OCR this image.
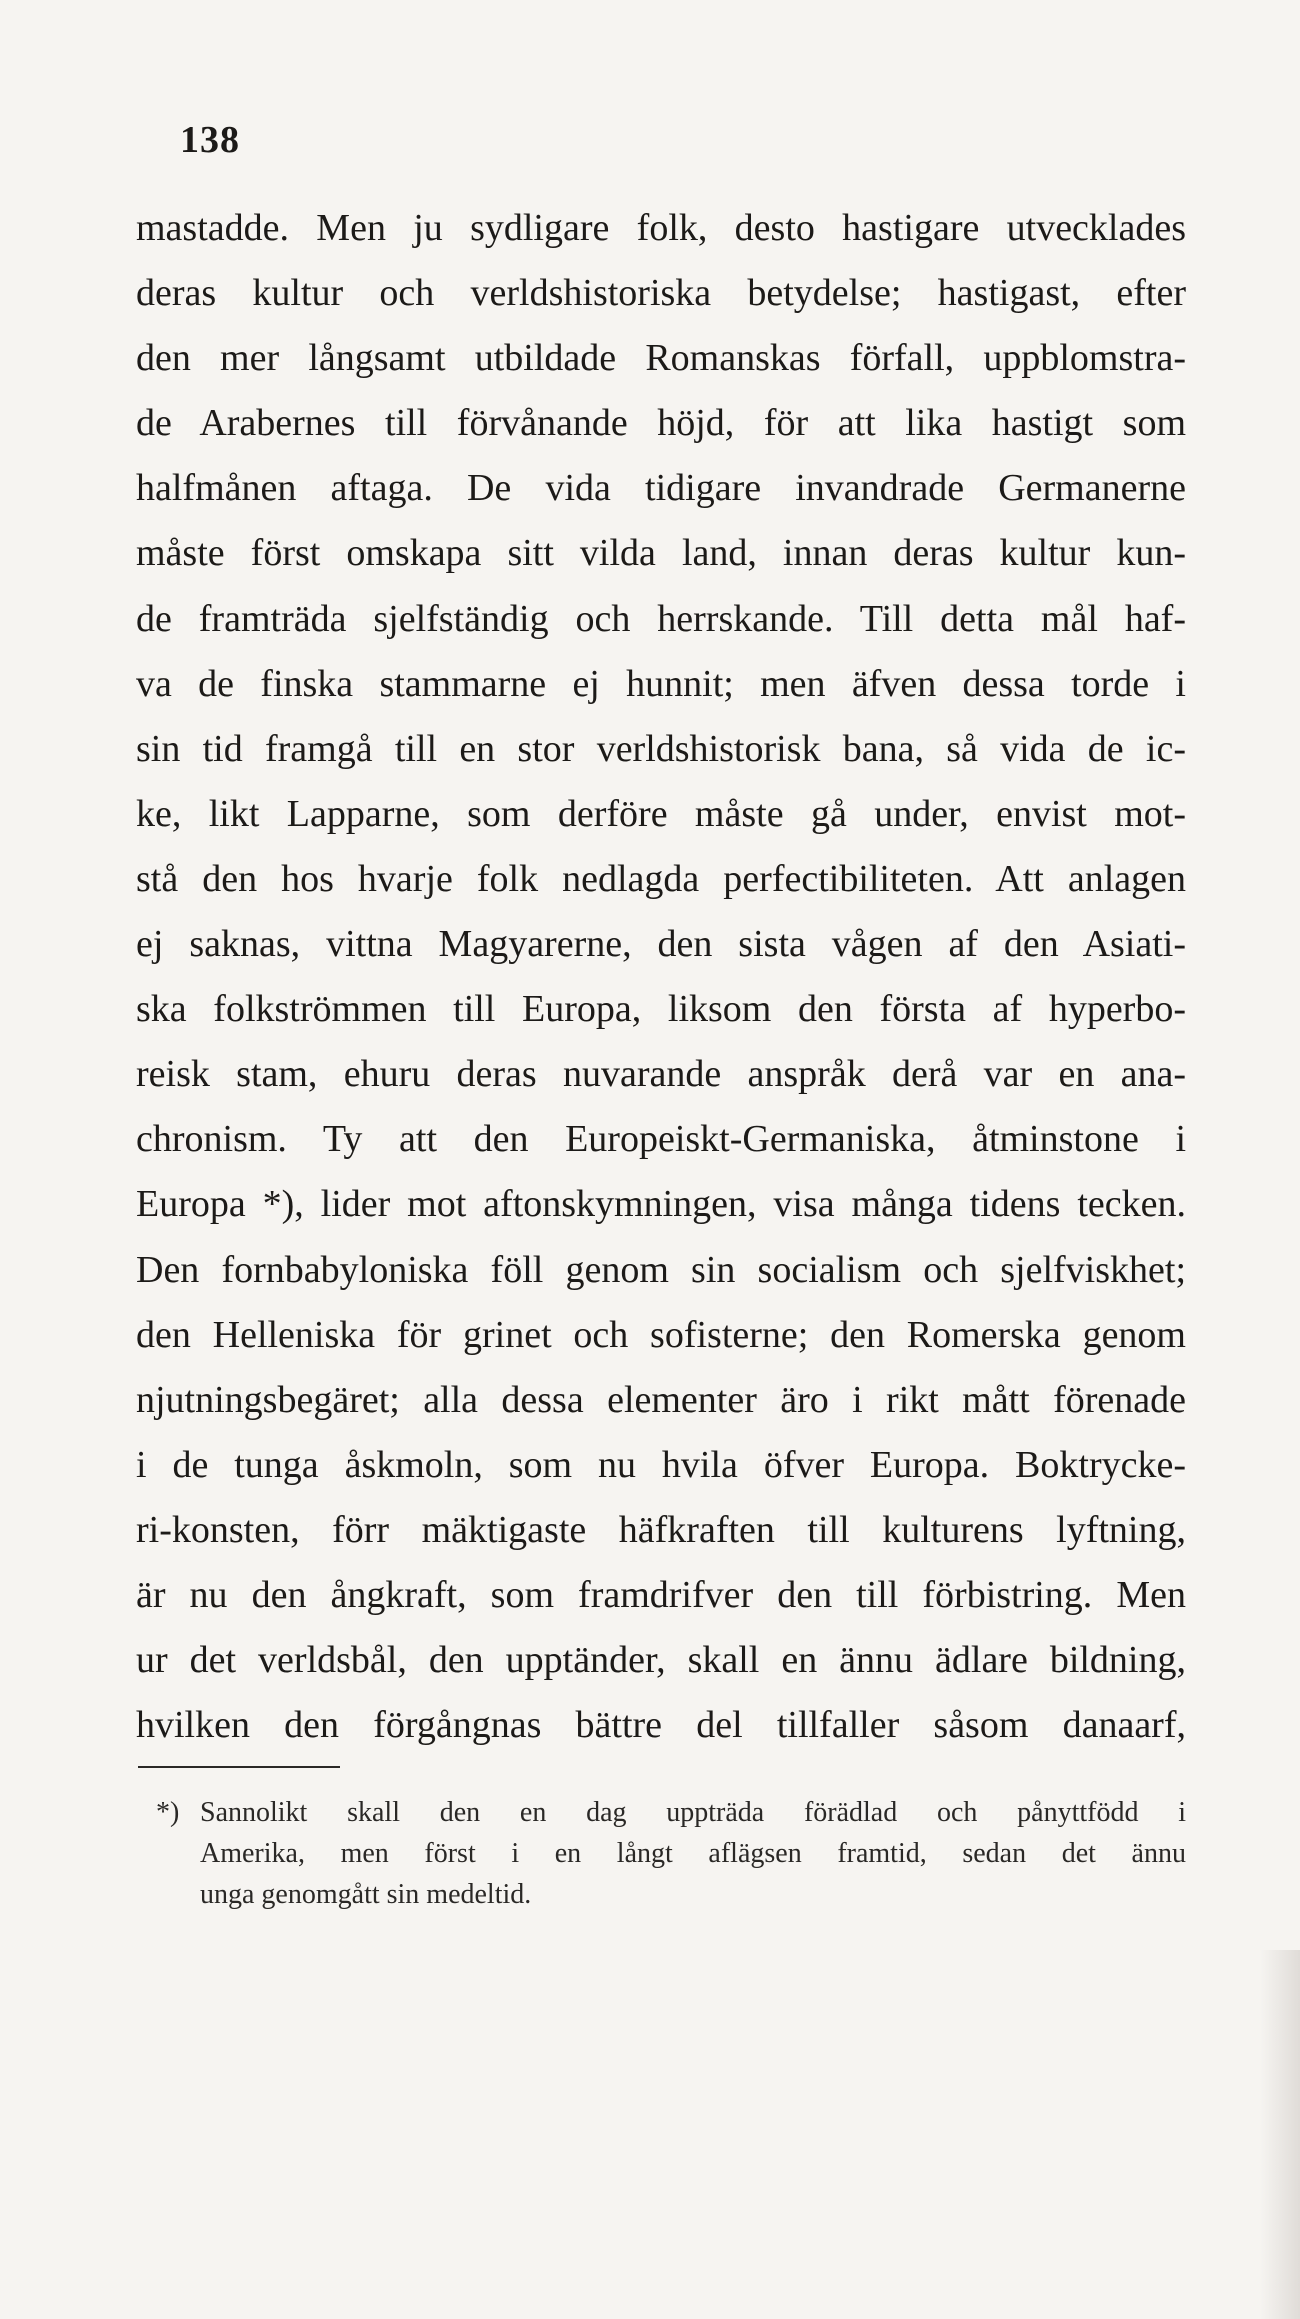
138
mastadde. Men ju sydligare folk, desto hastigare utvecklades
deras kultur och verldshistoriska betydelse; hastigast, efter
den mer långsamt utbildade Romanskas förfall, uppblomstra-
de Arabernes till förvånande höjd, för att lika hastigt som
halfmånen aftaga. De vida tidigare invandrade Germanerne
måste först omskapa sitt vilda land, innan deras kultur kun-
de framträda sjelfständig och herrskande. Till detta mål haf-
va de finska stammarne ej hunnit; men äfven dessa torde i
sin tid framgå till en stor verldshistorisk bana, så vida de ic-
ke, likt Lapparne, som derföre måste gå under, envist mot-
stå den hos hvarje folk nedlagda perfectibiliteten. Att anlagen
ej saknas, vittna Magyarerne, den sista vågen af den Asiati-
ska folkströmmen till Europa, liksom den första af hyperbo-
reisk stam, ehuru deras nuvarande anspråk derå var en ana-
chronism. Ty att den Europeiskt-Germaniska, åtminstone i
Europa *), lider mot aftonskymningen, visa många tidens tecken.
Den fornbabyloniska föll genom sin socialism och sjelfviskhet;
den Helleniska för grinet och sofisterne; den Romerska genom
njutningsbegäret; alla dessa elementer äro i rikt mått förenade
i de tunga åskmoln, som nu hvila öfver Europa. Boktrycke-
ri-konsten, förr mäktigaste häfkraften till kulturens lyftning,
är nu den ångkraft, som framdrifver den till förbistring. Men
ur det verldsbål, den upptänder, skall en ännu ädlare bildning,
hvilken den förgångnas bättre del tillfaller såsom danaarf,
*) Sannolikt skall den en dag uppträda förädlad och pånyttfödd i
Amerika, men först i en långt aflägsen framtid, sedan det ännu
unga genomgått sin medeltid.
